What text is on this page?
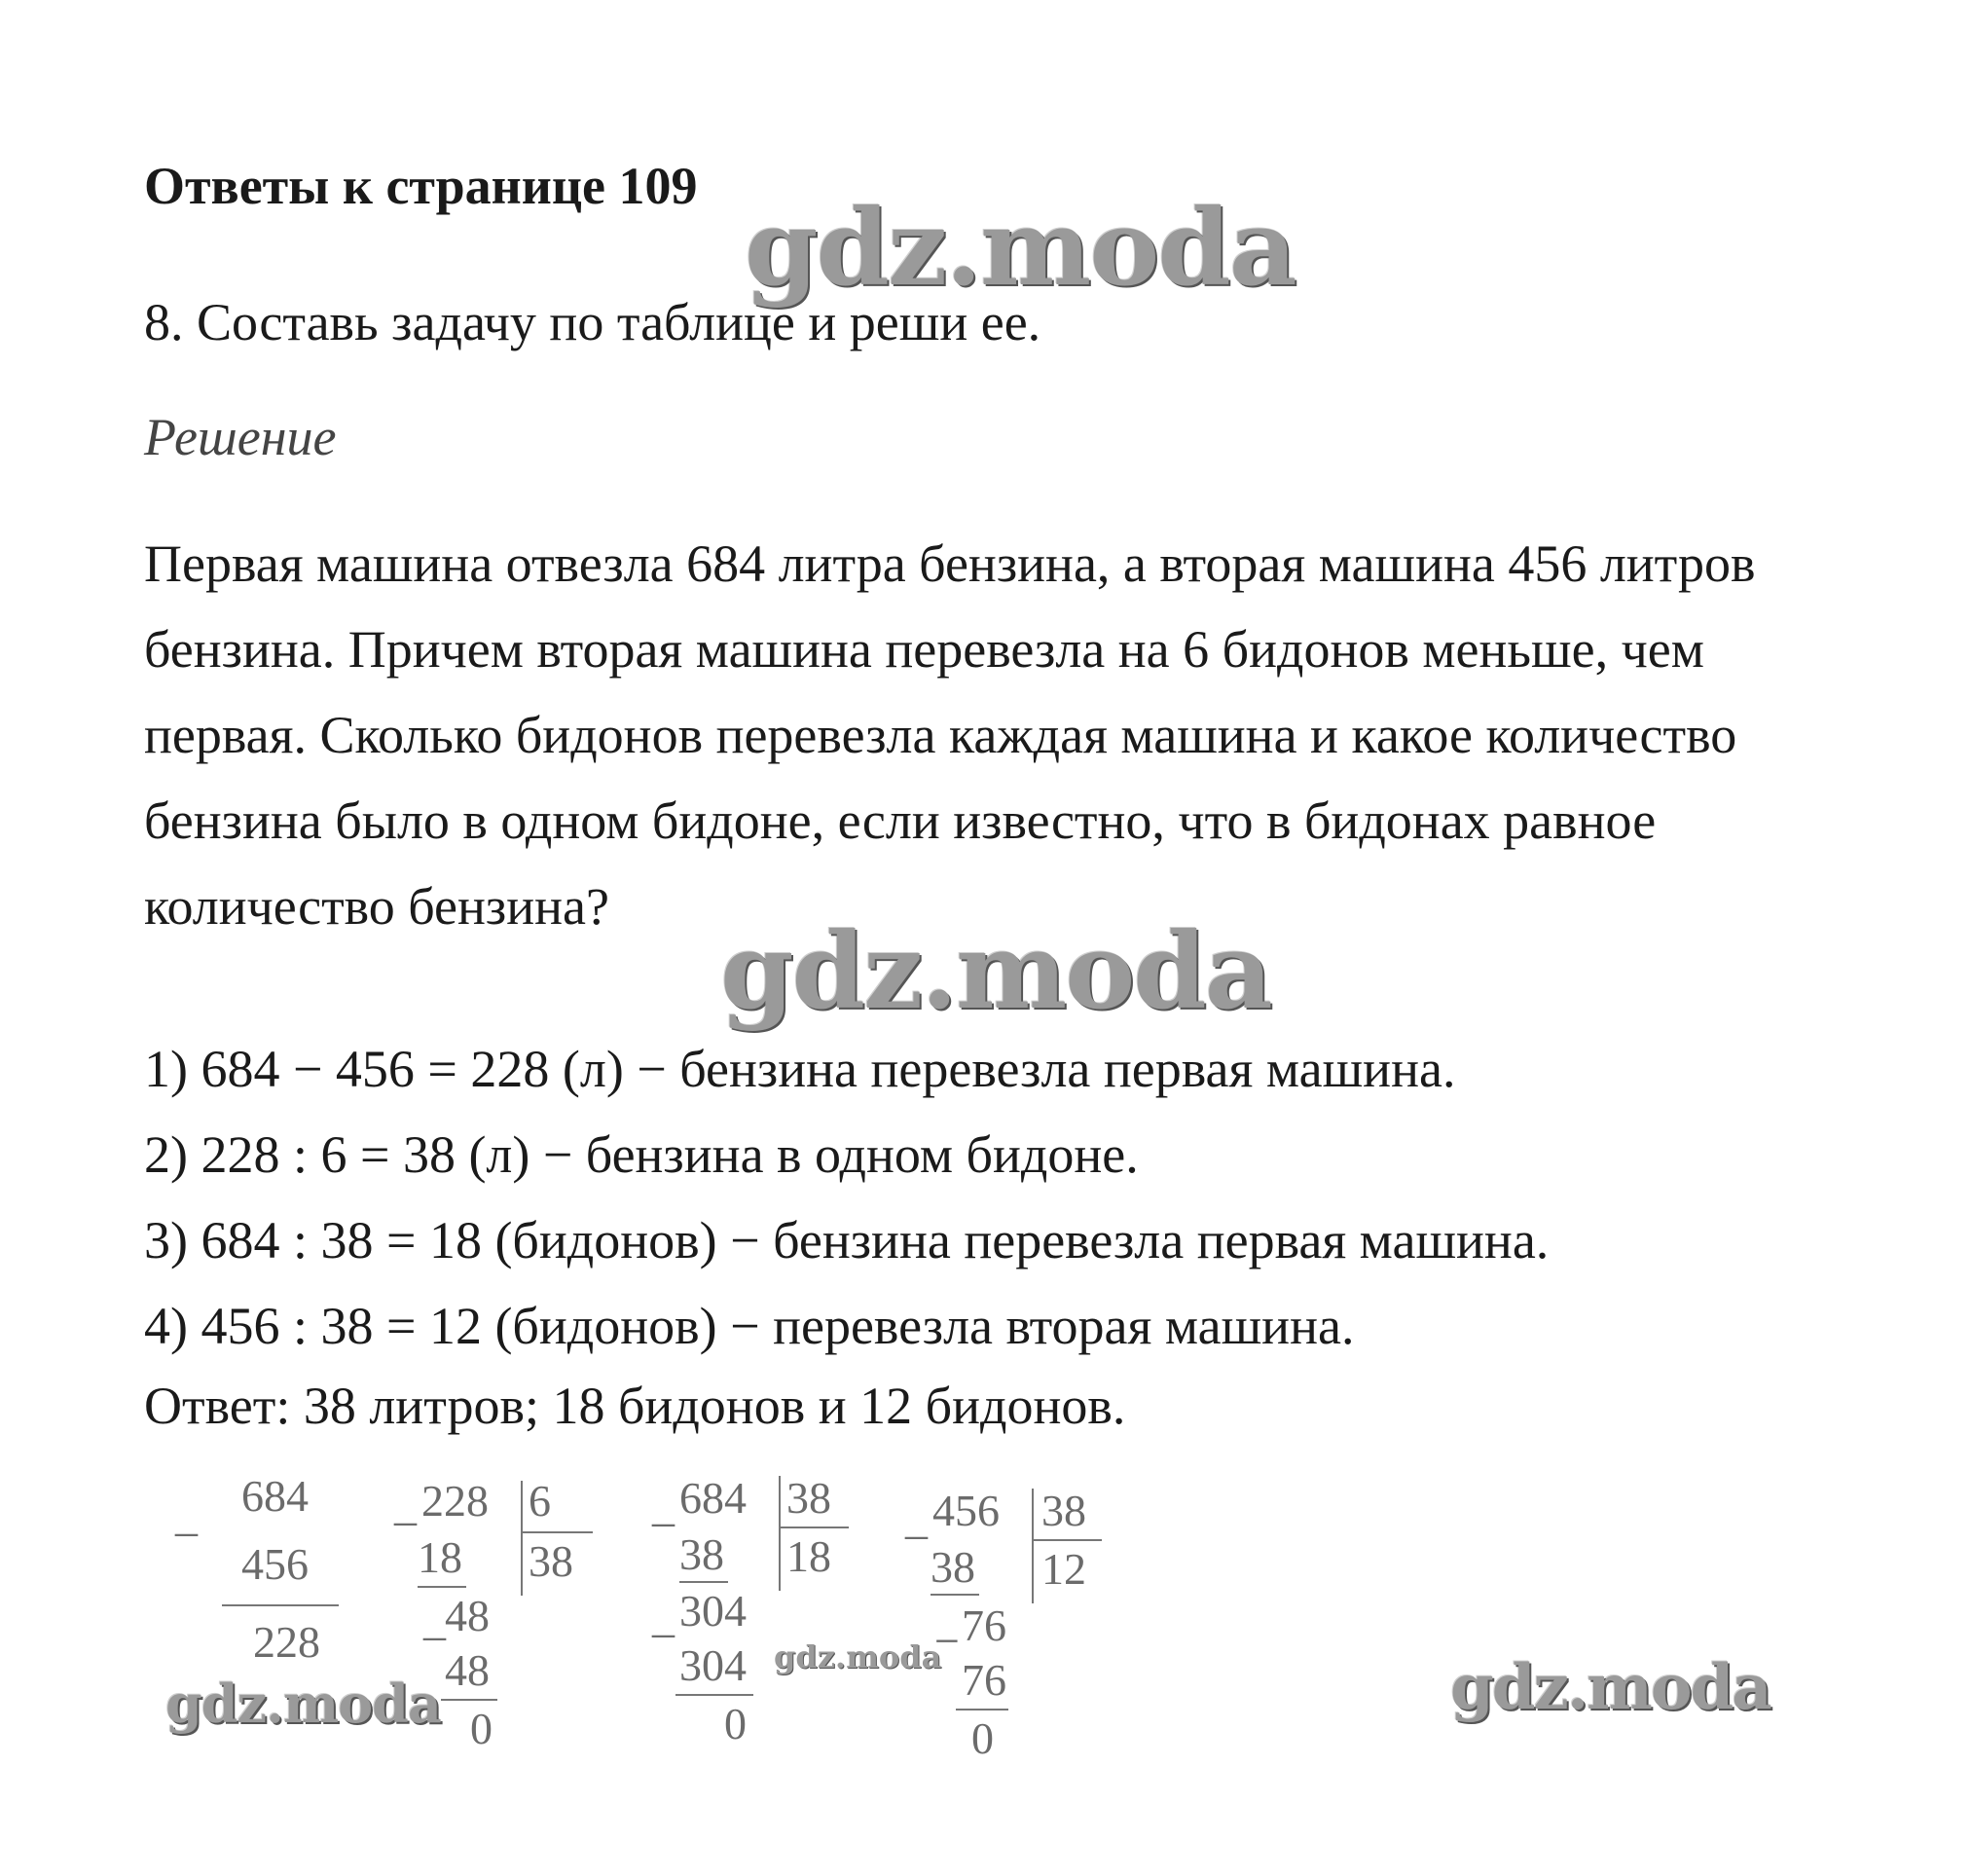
Ответы к странице 109

8. Составь задачу по таблице и реши ее.

Решение

Первая машина отвезла 684 литра бензина, а вторая машина 456 литров бензина. Причем вторая машина перевезла на 6 бидонов меньше, чем первая. Сколько бидонов перевезла каждая машина и какое количество бензина было в одном бидоне, если известно, что в бидонах равное количество бензина?

1) 684 − 456 = 228 (л) − бензина перевезла первая машина.

2) 228 : 6 = 38 (л) − бензина в одном бидоне.

3) 684 : 38 = 18 (бидонов) − бензина перевезла первая машина.

4) 456 : 38 = 12 (бидонов) − перевезла вторая машина.

Ответ: 38 литров; 18 бидонов и 12 бидонов.

_ 684
456
228
_ 228 6
18 38
_ 48
48
0
_ 684 38
38 18
_ 304
304
0
_ 456 38
38 12
− 76
76
0
gdz.moda
gdz.moda
gdz.moda
gdz.moda	gdz.moda
